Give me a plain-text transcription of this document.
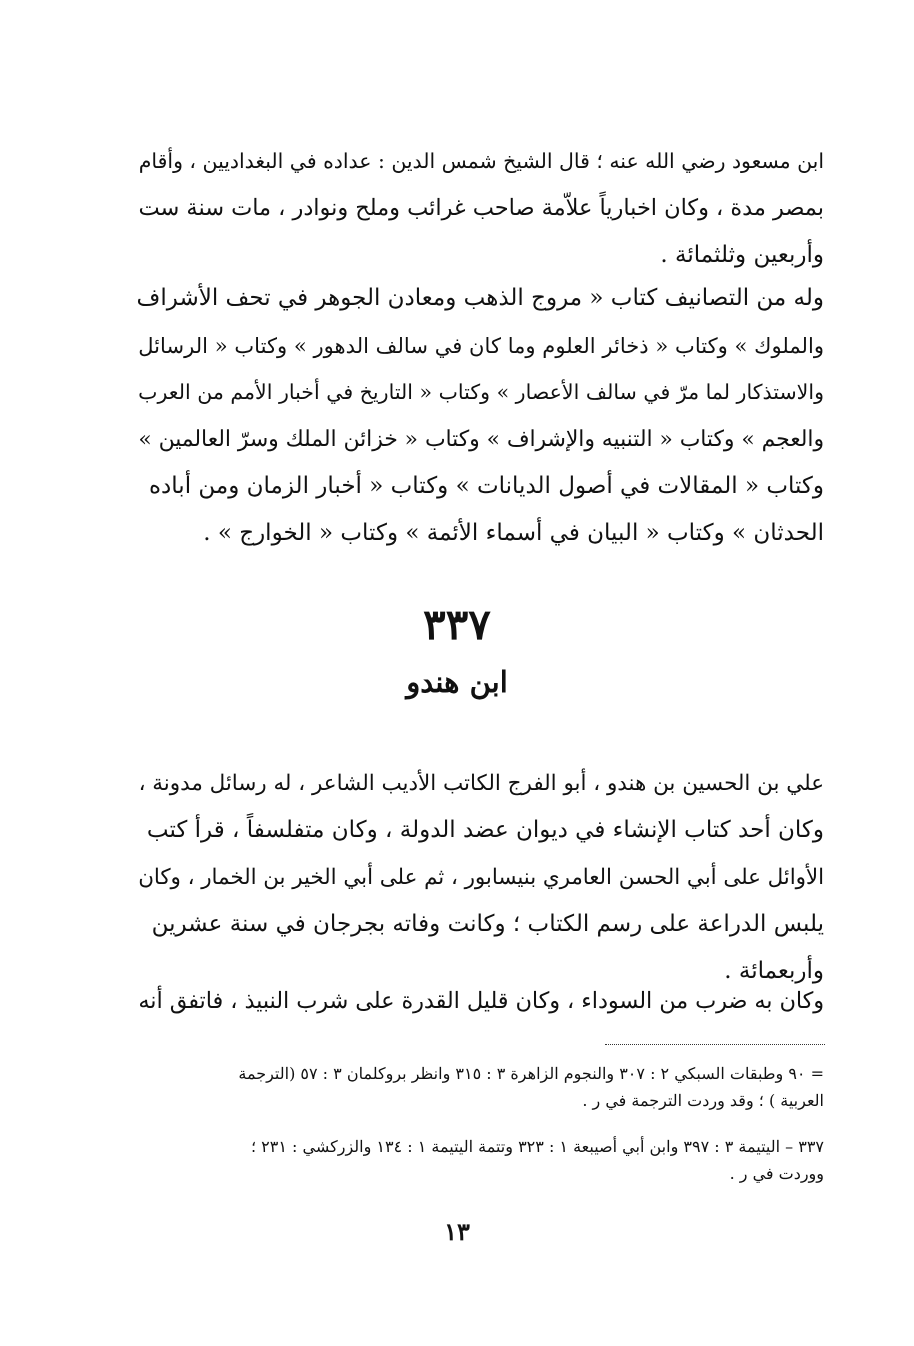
ابن مسعود رضي الله عنه ؛ قال الشيخ شمس الدين : عداده في البغداديين ، وأقام
بمصر مدة ، وكان اخبارياً علاّمة صاحب غرائب وملح ونوادر ، مات سنة ست
وأربعين وثلثمائة .
وله من التصانيف كتاب « مروج الذهب ومعادن الجوهر في تحف الأشراف
والملوك » وكتاب « ذخائر العلوم وما كان في سالف الدهور » وكتاب « الرسائل
والاستذكار لما مرّ في سالف الأعصار » وكتاب « التاريخ في أخبار الأمم من العرب
والعجم » وكتاب « التنبيه والإشراف » وكتاب « خزائن الملك وسرّ العالمين »
وكتاب « المقالات في أصول الديانات » وكتاب « أخبار الزمان ومن أباده
الحدثان » وكتاب « البيان في أسماء الأئمة » وكتاب « الخوارج » .
٣٣٧
ابن هندو
علي بن الحسين بن هندو ، أبو الفرج الكاتب الأديب الشاعر ، له رسائل مدونة ،
وكان أحد كتاب الإنشاء في ديوان عضد الدولة ، وكان متفلسفاً ، قرأ كتب
الأوائل على أبي الحسن العامري بنيسابور ، ثم على أبي الخير بن الخمار ، وكان
يلبس الدراعة على رسم الكتاب ؛ وكانت وفاته بجرجان في سنة عشرين
وأربعمائة .
وكان به ضرب من السوداء ، وكان قليل القدرة على شرب النبيذ ، فاتفق أنه
= ٩٠ وطبقات السبكي ٢ : ٣٠٧ والنجوم الزاهرة ٣ : ٣١٥ وانظر بروكلمان ٣ : ٥٧ (الترجمة
العربية ) ؛ وقد وردت الترجمة في ر .
٣٣٧ – اليتيمة ٣ : ٣٩٧ وابن أبي أصيبعة ١ : ٣٢٣ وتتمة اليتيمة ١ : ١٣٤ والزركشي : ٢٣١ ؛
ووردت في ر .
١٣
